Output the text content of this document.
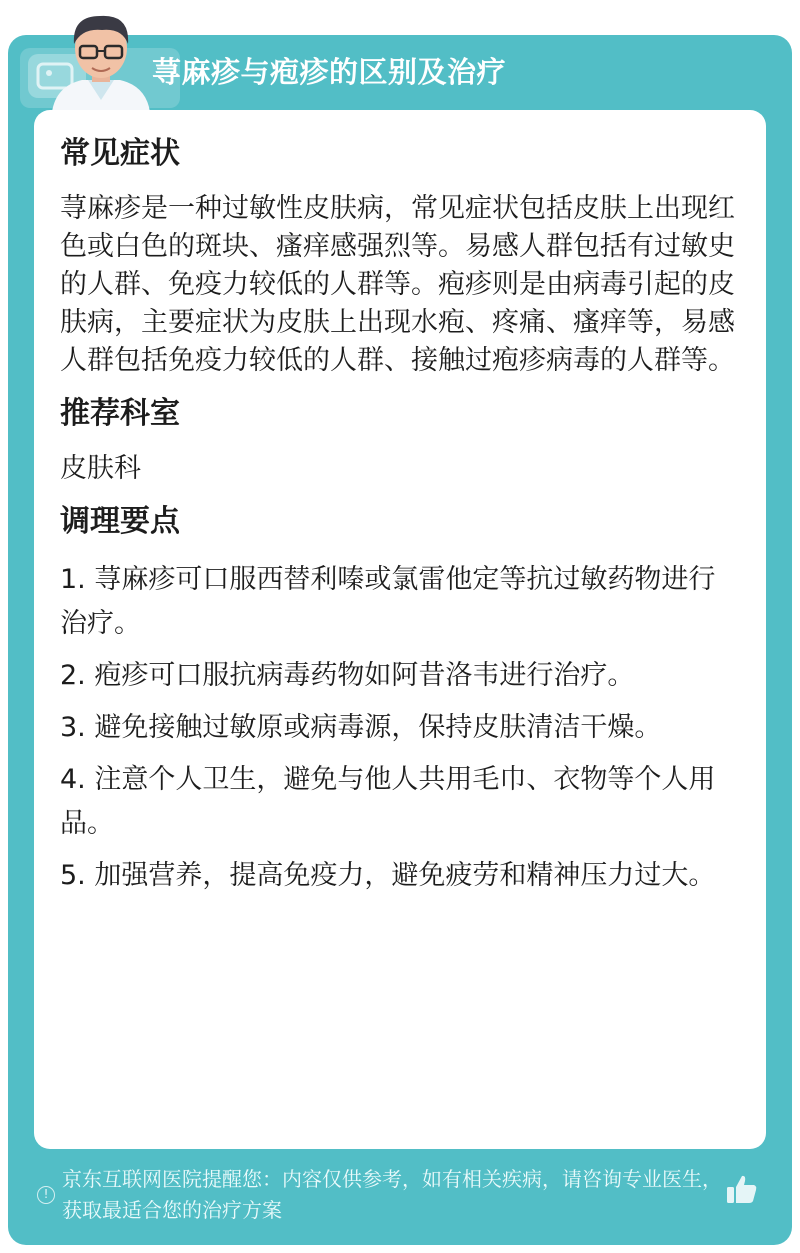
荨麻疹与疱疹的区别及治疗
常见症状
荨麻疹是一种过敏性皮肤病，常见症状包括皮肤上出现红色或白色的斑块、瘙痒感强烈等。易感人群包括有过敏史的人群、免疫力较低的人群等。疱疹则是由病毒引起的皮肤病，主要症状为皮肤上出现水疱、疼痛、瘙痒等，易感人群包括免疫力较低的人群、接触过疱疹病毒的人群等。
推荐科室
皮肤科
调理要点
1. 荨麻疹可口服西替利嗪或氯雷他定等抗过敏药物进行治疗。
2. 疱疹可口服抗病毒药物如阿昔洛韦进行治疗。
3. 避免接触过敏原或病毒源，保持皮肤清洁干燥。
4. 注意个人卫生，避免与他人共用毛巾、衣物等个人用品。
5. 加强营养，提高免疫力，避免疲劳和精神压力过大。
!
京东互联网医院提醒您：内容仅供参考，如有相关疾病，请咨询专业医生，获取最适合您的治疗方案
